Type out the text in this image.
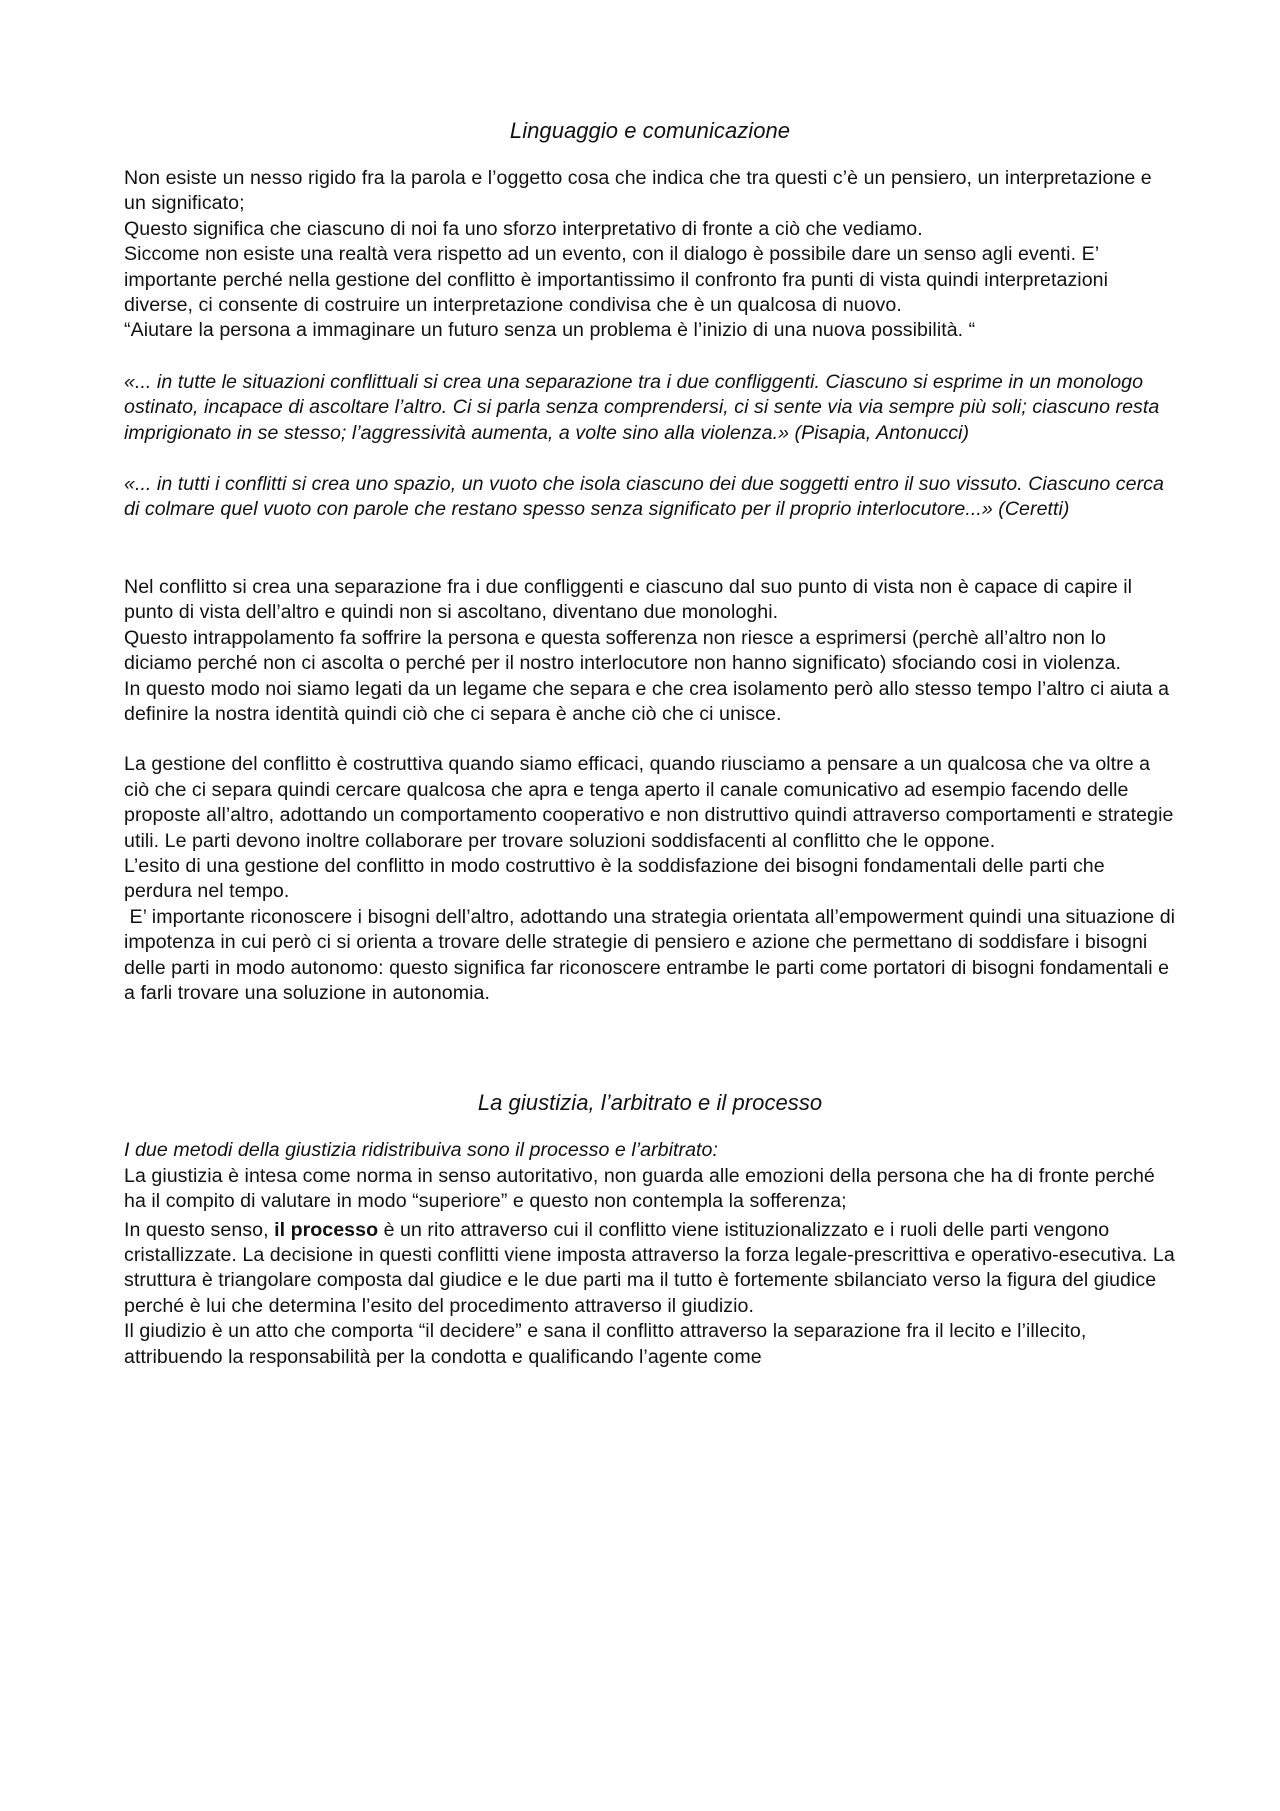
Linguaggio e comunicazione

Non esiste un nesso rigido fra la parola e l’oggetto cosa che indica che tra questi c’è un pensiero, un interpretazione e un significato;

Questo significa che ciascuno di noi fa uno sforzo interpretativo di fronte a ciò che vediamo.

Siccome non esiste una realtà vera rispetto ad un evento, con il dialogo è possibile dare un senso agli eventi. E’ importante perché nella gestione del conflitto è importantissimo il confronto fra punti di vista quindi interpretazioni diverse, ci consente di costruire un interpretazione condivisa che è un qualcosa di nuovo.

“Aiutare la persona a immaginare un futuro senza un problema è l’inizio di una nuova possibilità. “

«... in tutte le situazioni conflittuali si crea una separazione tra i due confliggenti. Ciascuno si esprime in un monologo ostinato, incapace di ascoltare l’altro. Ci si parla senza comprendersi, ci si sente via via sempre più soli; ciascuno resta imprigionato in se stesso; l’aggressività aumenta, a volte sino alla violenza.» (Pisapia, Antonucci)

«... in tutti i conflitti si crea uno spazio, un vuoto che isola ciascuno dei due soggetti entro il suo vissuto. Ciascuno cerca di colmare quel vuoto con parole che restano spesso senza significato per il proprio interlocutore...» (Ceretti)

Nel conflitto si crea una separazione fra i due confliggenti e ciascuno dal suo punto di vista non è capace di capire il punto di vista dell’altro e quindi non si ascoltano, diventano due monologhi.

Questo intrappolamento fa soffrire la persona e questa sofferenza non riesce a esprimersi (perchè all’altro non lo diciamo perché non ci ascolta o perché per il nostro interlocutore non hanno significato) sfociando cosi in violenza.

In questo modo noi siamo legati da un legame che separa e che crea isolamento però allo stesso tempo l’altro ci aiuta a definire la nostra identità quindi ciò che ci separa è anche ciò che ci unisce.

La gestione del conflitto è costruttiva quando siamo efficaci, quando riusciamo a pensare a un qualcosa che va oltre a ciò che ci separa quindi cercare qualcosa che apra e tenga aperto il canale comunicativo ad esempio facendo delle proposte all’altro, adottando un comportamento cooperativo e non distruttivo quindi attraverso comportamenti e strategie utili. Le parti devono inoltre collaborare per trovare soluzioni soddisfacenti al conflitto che le oppone.

L’esito di una gestione del conflitto in modo costruttivo è la soddisfazione dei bisogni fondamentali delle parti che perdura nel tempo.

E’ importante riconoscere i bisogni dell’altro, adottando una strategia orientata all’empowerment quindi una situazione di impotenza in cui però ci si orienta a trovare delle strategie di pensiero e azione che permettano di soddisfare i bisogni delle parti in modo autonomo: questo significa far riconoscere entrambe le parti come portatori di bisogni fondamentali e a farli trovare una soluzione in autonomia.

La giustizia, l’arbitrato e il processo

I due metodi della giustizia ridistribuiva sono il processo e l’arbitrato:

La giustizia è intesa come norma in senso autoritativo, non guarda alle emozioni della persona che ha di fronte perché ha il compito di valutare in modo “superiore” e questo non contempla la sofferenza;

In questo senso, il processo è un rito attraverso cui il conflitto viene istituzionalizzato e i ruoli delle parti vengono cristallizzate. La decisione in questi conflitti viene imposta attraverso la forza legale-prescrittiva e operativo-esecutiva. La struttura è triangolare composta dal giudice e le due parti ma il tutto è fortemente sbilanciato verso la figura del giudice perché è lui che determina l’esito del procedimento attraverso il giudizio.

Il giudizio è un atto che comporta “il decidere” e sana il conflitto attraverso la separazione fra il lecito e l’illecito, attribuendo la responsabilità per la condotta e qualificando l’agente come
